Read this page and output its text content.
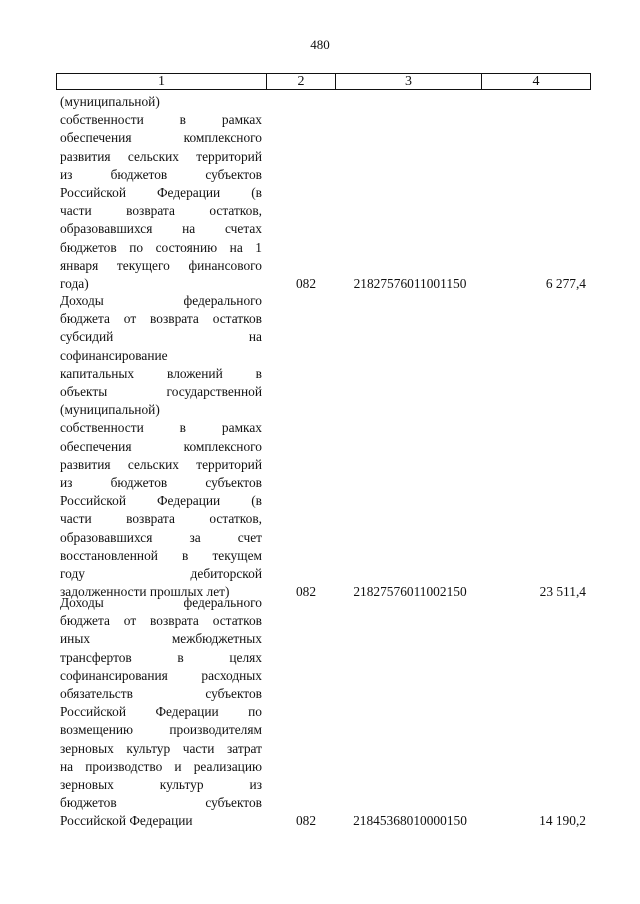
480
1	2	3	4
(муниципальной)
собственности в рамках
обеспечения комплексного
развития сельских территорий
из бюджетов субъектов
Российской Федерации (в
части возврата остатков,
образовавшихся на счетах
бюджетов по состоянию на 1
января текущего финансового
года)	082	21827576011001150	6 277,4
Доходы федерального
бюджета от возврата остатков
субсидий на
софинансирование
капитальных вложений в
объекты государственной
(муниципальной)
собственности в рамках
обеспечения комплексного
развития сельских территорий
из бюджетов субъектов
Российской Федерации (в
части возврата остатков,
образовавшихся за счет
восстановленной в текущем
году дебиторской
задолженности прошлых лет)	082	21827576011002150	23 511,4
Доходы федерального
бюджета от возврата остатков
иных межбюджетных
трансфертов в целях
софинансирования расходных
обязательств субъектов
Российской Федерации по
возмещению производителям
зерновых культур части затрат
на производство и реализацию
зерновых культур из
бюджетов субъектов
Российской Федерации	082	21845368010000150	14 190,2
